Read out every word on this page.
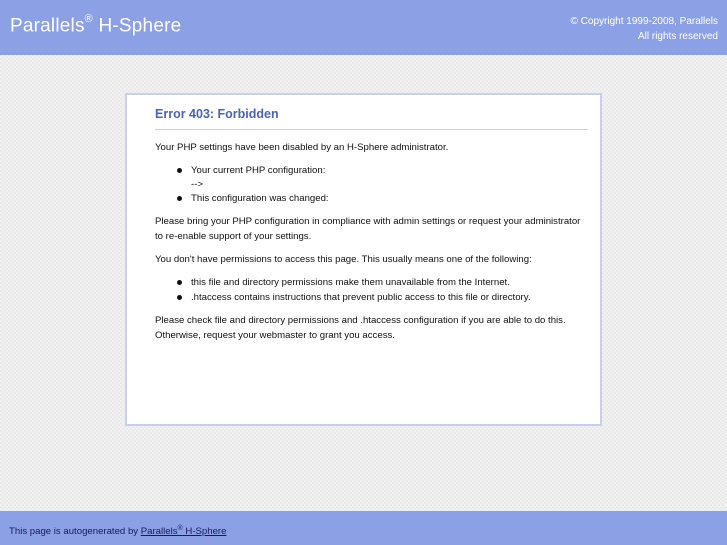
Parallels® H-Sphere	© Copyright 1999-2008, Parallels
All rights reserved
Error 403: Forbidden

Your PHP settings have been disabled by an H-Sphere administrator.

Your current PHP configuration:
-->
This configuration was changed:

Please bring your PHP configuration in compliance with admin settings or request your administrator to re-enable support of your settings.

You don't have permissions to access this page. This usually means one of the following:

this file and directory permissions make them unavailable from the Internet.
.htaccess contains instructions that prevent public access to this file or directory.

Please check file and directory permissions and .htaccess configuration if you are able to do this. Otherwise, request your webmaster to grant you access.

This page is autogenerated by Parallels® H-Sphere
